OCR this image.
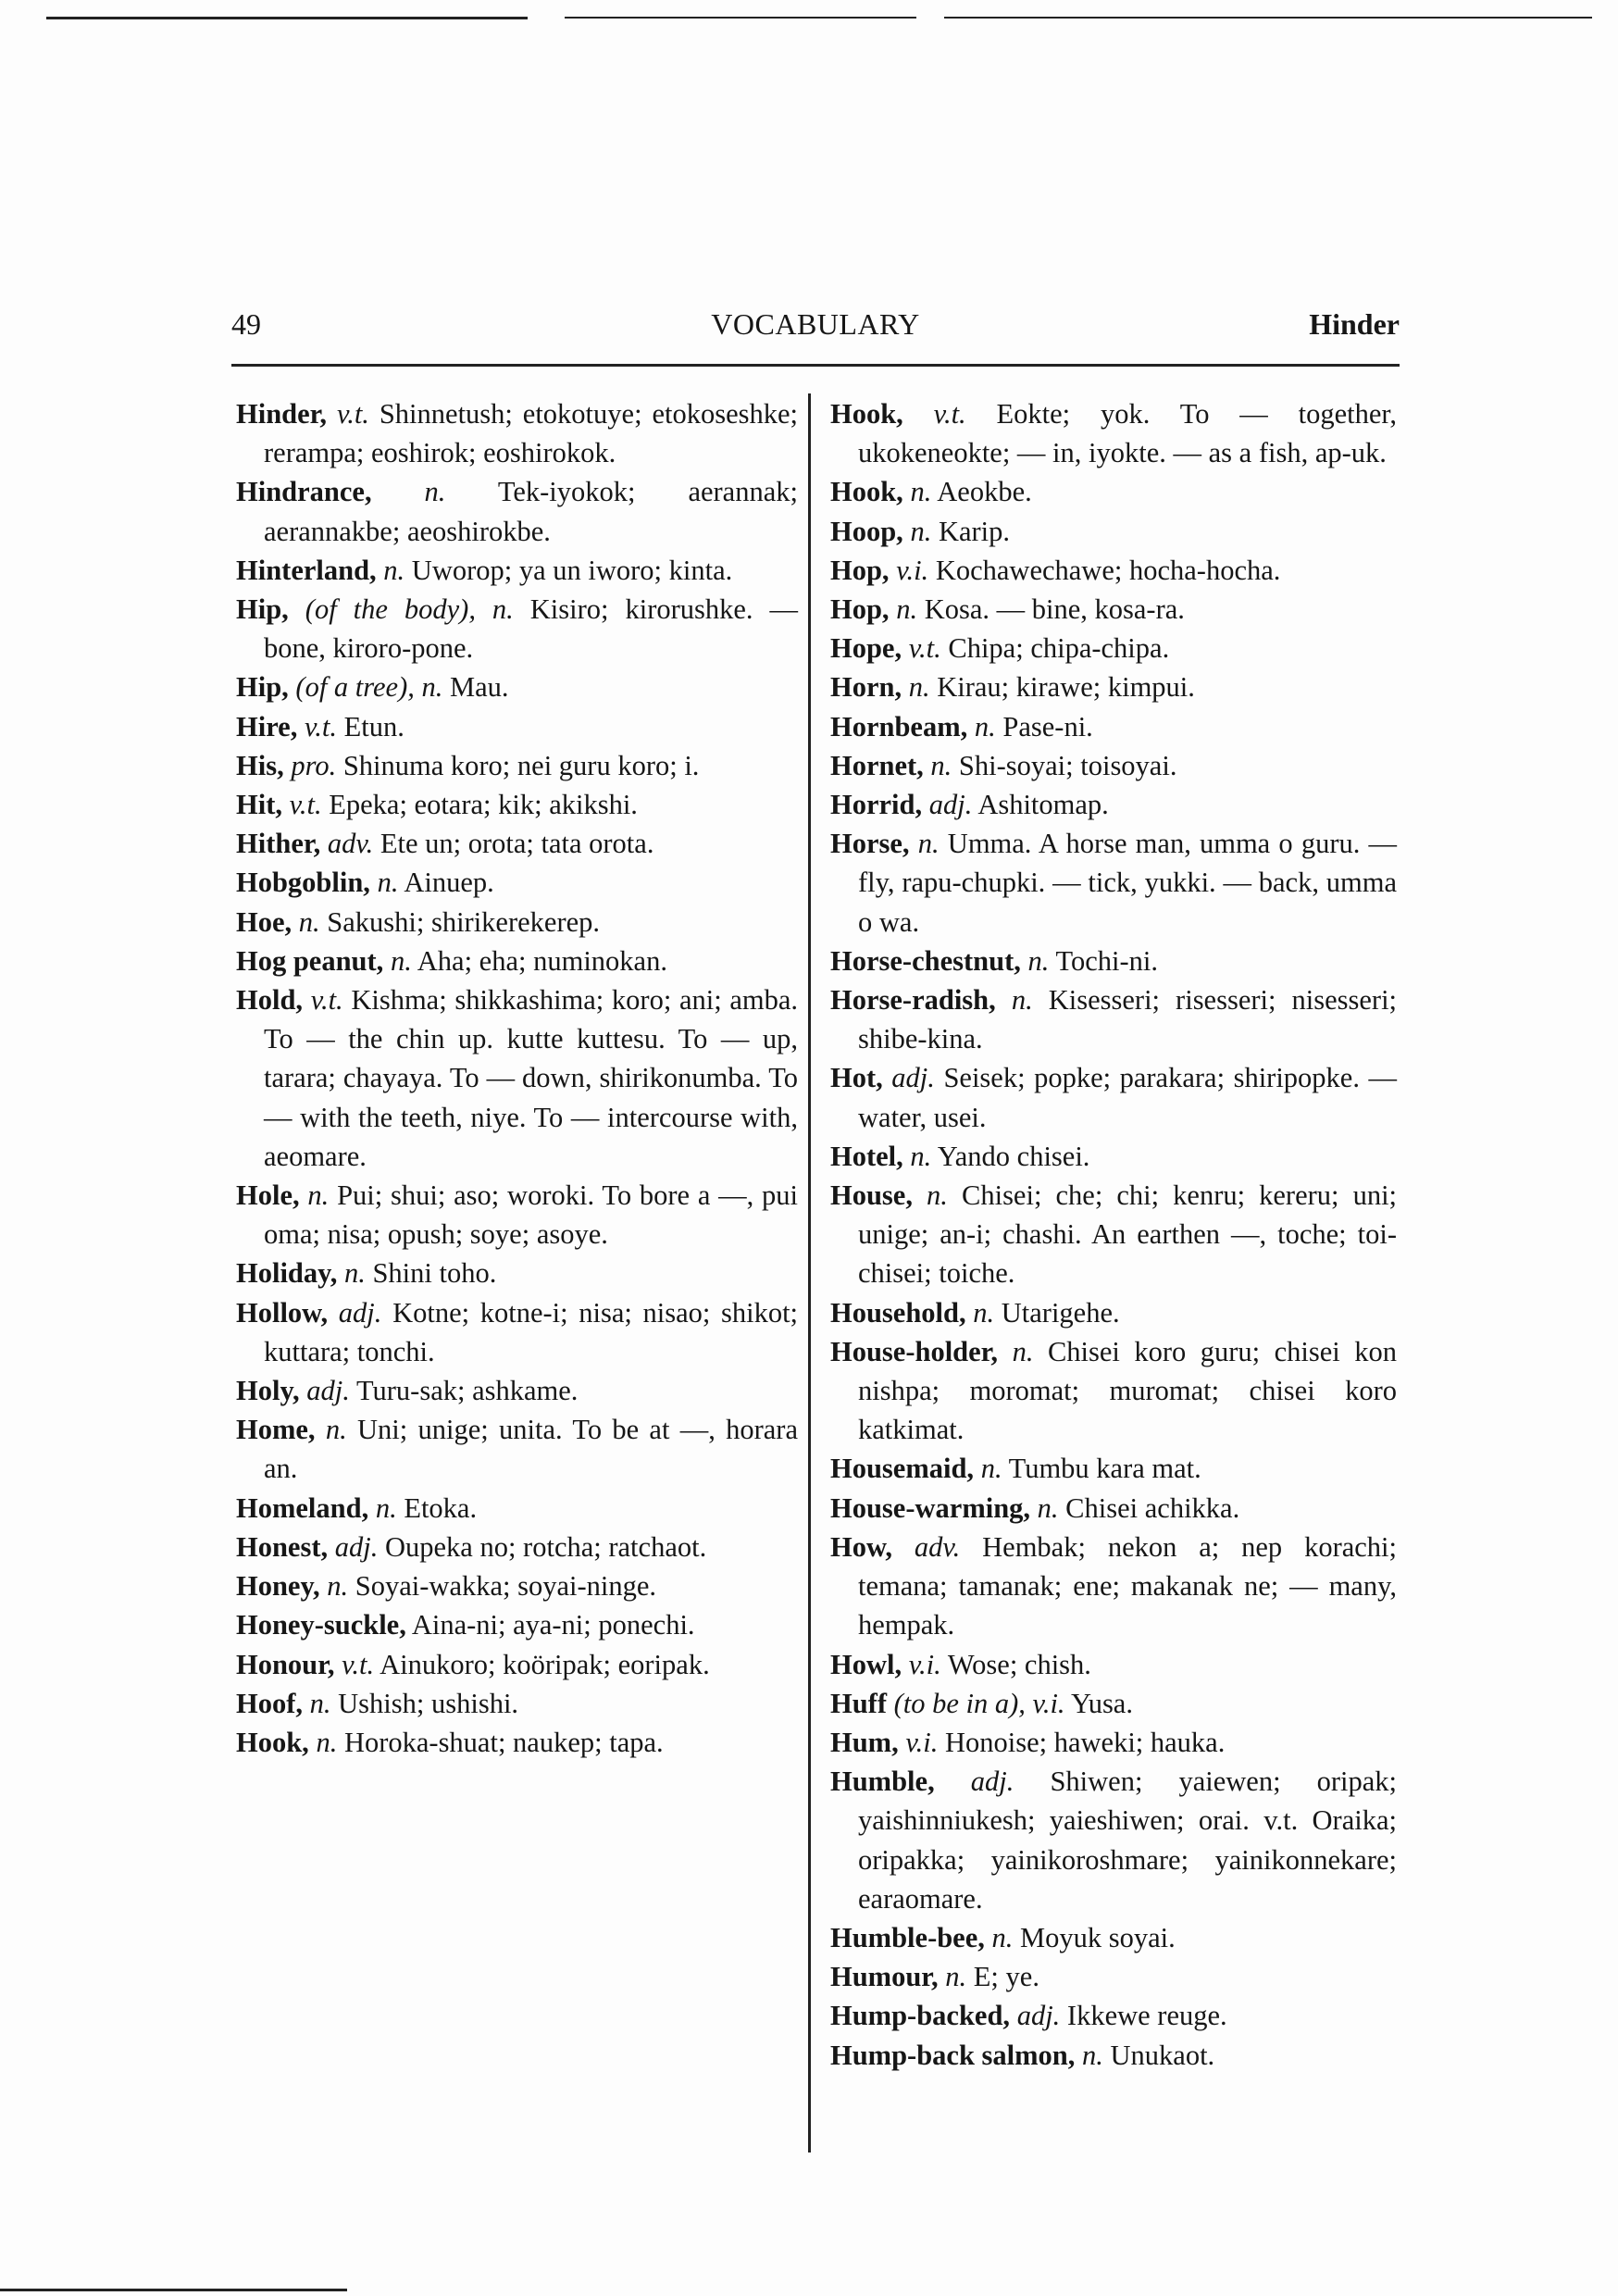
49	VOCABULARY	Hinder
Hinder, v.t. Shinnetush; etokotuye; etokoseshke; rerampa; eoshirok; eoshirokok.
Hindrance, n. Tek-iyokok; aerannak; aerannakbe; aeoshirokbe.
Hinterland, n. Uworop; ya un iworo; kinta.
Hip, (of the body), n. Kisiro; kirorushke. — bone, kiroro-pone.
Hip, (of a tree), n. Mau.
Hire, v.t. Etun.
His, pro. Shinuma koro; nei guru koro; i.
Hit, v.t. Epeka; eotara; kik; akikshi.
Hither, adv. Ete un; orota; tata orota.
Hobgoblin, n. Ainuep.
Hoe, n. Sakushi; shirikerekerep.
Hog peanut, n. Aha; eha; numinokan.
Hold, v.t. Kishma; shikkashima; koro; ani; amba. To — the chin up. kutte kuttesu. To — up, tarara; chayaya. To — down, shirikonumba. To — with the teeth, niye. To — intercourse with, aeomare.
Hole, n. Pui; shui; aso; woroki. To bore a —, pui oma; nisa; opush; soye; asoye.
Holiday, n. Shini toho.
Hollow, adj. Kotne; kotne-i; nisa; nisao; shikot; kuttara; tonchi.
Holy, adj. Turu-sak; ashkame.
Home, n. Uni; unige; unita. To be at —, horara an.
Homeland, n. Etoka.
Honest, adj. Oupeka no; rotcha; ratchaot.
Honey, n. Soyai-wakka; soyai-ninge.
Honey-suckle, Aina-ni; aya-ni; ponechi.
Honour, v.t. Ainukoro; koöripak; eoripak.
Hoof, n. Ushish; ushishi.
Hook, n. Horoka-shuat; naukep; tapa.
Hook, v.t. Eokte; yok. To — together, ukokeneokte; — in, iyokte. — as a fish, ap-uk.
Hook, n. Aeokbe.
Hoop, n. Karip.
Hop, v.i. Kochawechawe; hocha-hocha.
Hop, n. Kosa. — bine, kosa-ra.
Hope, v.t. Chipa; chipa-chipa.
Horn, n. Kirau; kirawe; kimpui.
Hornbeam, n. Pase-ni.
Hornet, n. Shi-soyai; toisoyai.
Horrid, adj. Ashitomap.
Horse, n. Umma. A horse man, umma o guru. — fly, rapu-chupki. — tick, yukki. — back, umma o wa.
Horse-chestnut, n. Tochi-ni.
Horse-radish, n. Kisesseri; risesseri; nisesseri; shibe-kina.
Hot, adj. Seisek; popke; parakara; shiripopke. — water, usei.
Hotel, n. Yando chisei.
House, n. Chisei; che; chi; kenru; kereru; uni; unige; an-i; chashi. An earthen —, toche; toi-chisei; toiche.
Household, n. Utarigehe.
House-holder, n. Chisei koro guru; chisei kon nishpa; moromat; muromat; chisei koro katkimat.
Housemaid, n. Tumbu kara mat.
House-warming, n. Chisei achikka.
How, adv. Hembak; nekon a; nep korachi; temana; tamanak; ene; makanak ne; — many, hempak.
Howl, v.i. Wose; chish.
Huff (to be in a), v.i. Yusa.
Hum, v.i. Honoise; haweki; hauka.
Humble, adj. Shiwen; yaiewen; oripak; yaishinniukesh; yaieshiwen; orai. v.t. Oraika; oripakka; yainikoroshmare; yainikonnekare; earaomare.
Humble-bee, n. Moyuk soyai.
Humour, n. E; ye.
Hump-backed, adj. Ikkewe reuge.
Hump-back salmon, n. Unukaot.
